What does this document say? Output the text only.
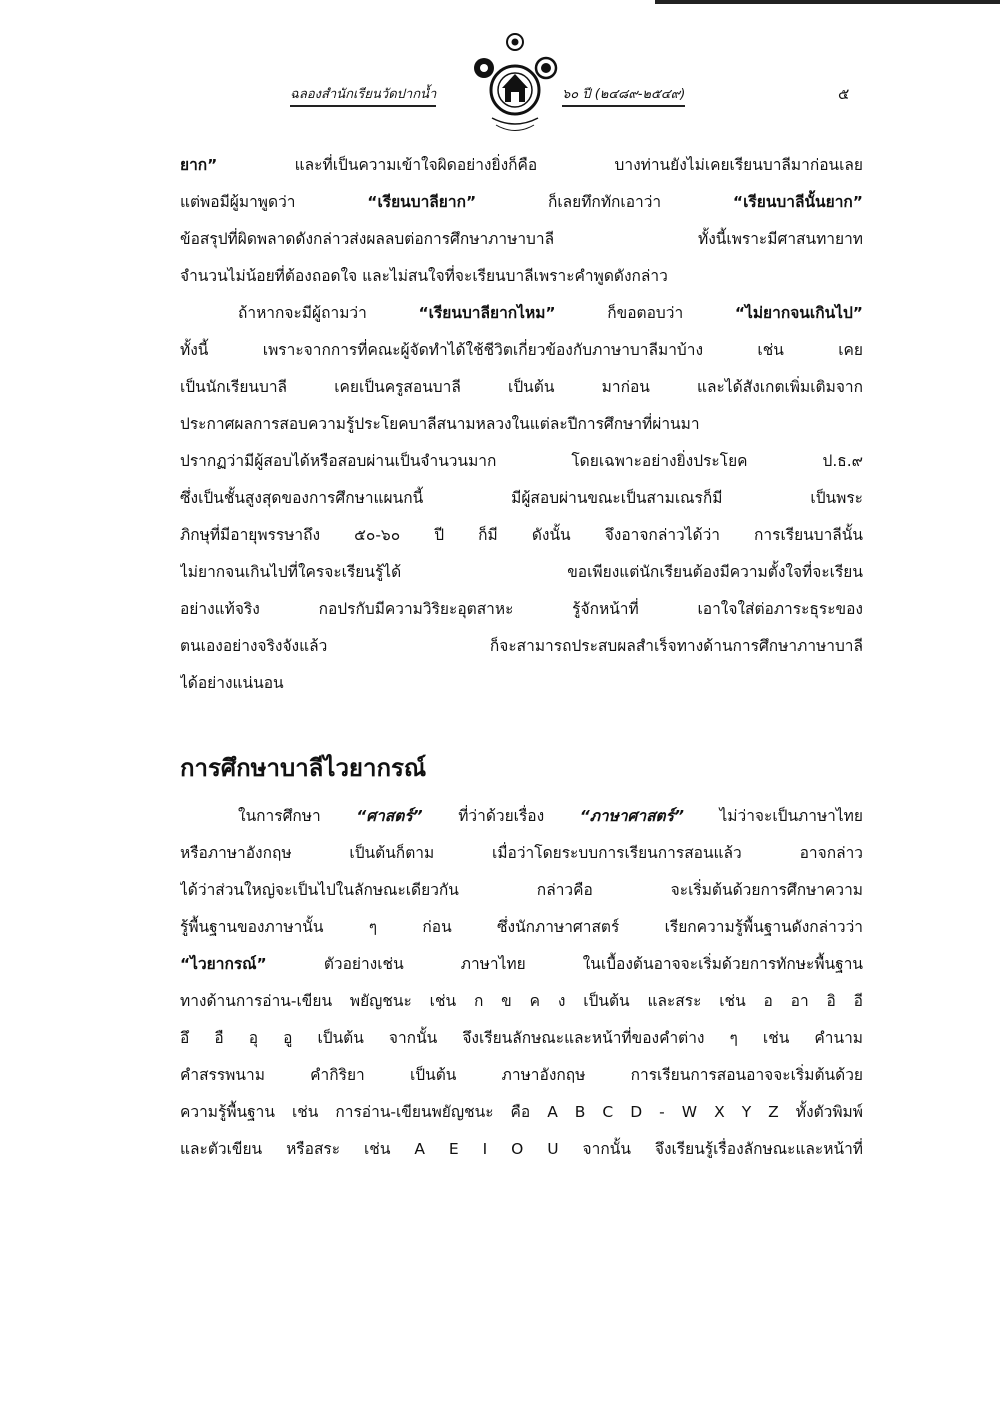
ฉลองสำนักเรียนวัดปากน้ำ	๖๐ ปี (๒๔๘๙-๒๕๔๙)	๕
ยาก” และที่เป็นความเข้าใจผิดอย่างยิ่งก็คือ บางท่านยังไม่เคยเรียนบาลีมาก่อนเลย
แต่พอมีผู้มาพูดว่า “เรียนบาลียาก” ก็เลยทึกทักเอาว่า “เรียนบาลีนั้นยาก”
ข้อสรุปที่ผิดพลาดดังกล่าวส่งผลลบต่อการศึกษาภาษาบาลี ทั้งนี้เพราะมีศาสนทายาท
จำนวนไม่น้อยที่ต้องถอดใจ และไม่สนใจที่จะเรียนบาลีเพราะคำพูดดังกล่าว
ถ้าหากจะมีผู้ถามว่า “เรียนบาลียากไหม” ก็ขอตอบว่า “ไม่ยากจนเกินไป”
ทั้งนี้ เพราะจากการที่คณะผู้จัดทำได้ใช้ชีวิตเกี่ยวข้องกับภาษาบาลีมาบ้าง เช่น เคย
เป็นนักเรียนบาลี เคยเป็นครูสอนบาลี เป็นต้น มาก่อน และได้สังเกตเพิ่มเติมจาก
ประกาศผลการสอบความรู้ประโยคบาลีสนามหลวงในแต่ละปีการศึกษาที่ผ่านมา
ปรากฏว่ามีผู้สอบได้หรือสอบผ่านเป็นจำนวนมาก โดยเฉพาะอย่างยิ่งประโยค ป.ธ.๙
ซึ่งเป็นชั้นสูงสุดของการศึกษาแผนกนี้ มีผู้สอบผ่านขณะเป็นสามเณรก็มี เป็นพระ
ภิกษุที่มีอายุพรรษาถึง ๕๐-๖๐ ปี ก็มี ดังนั้น จึงอาจกล่าวได้ว่า การเรียนบาลีนั้น
ไม่ยากจนเกินไปที่ใครจะเรียนรู้ได้ ขอเพียงแต่นักเรียนต้องมีความตั้งใจที่จะเรียน
อย่างแท้จริง กอปรกับมีความวิริยะอุตสาหะ รู้จักหน้าที่ เอาใจใส่ต่อภาระธุระของ
ตนเองอย่างจริงจังแล้ว ก็จะสามารถประสบผลสำเร็จทางด้านการศึกษาภาษาบาลี
ได้อย่างแน่นอน
การศึกษาบาลีไวยากรณ์
ในการศึกษา “ศาสตร์” ที่ว่าด้วยเรื่อง “ภาษาศาสตร์” ไม่ว่าจะเป็นภาษาไทย
หรือภาษาอังกฤษ เป็นต้นก็ตาม เมื่อว่าโดยระบบการเรียนการสอนแล้ว อาจกล่าว
ได้ว่าส่วนใหญ่จะเป็นไปในลักษณะเดียวกัน กล่าวคือ จะเริ่มต้นด้วยการศึกษาความ
รู้พื้นฐานของภาษานั้น ๆ ก่อน ซึ่งนักภาษาศาสตร์ เรียกความรู้พื้นฐานดังกล่าวว่า
“ไวยากรณ์” ตัวอย่างเช่น ภาษาไทย ในเบื้องต้นอาจจะเริ่มด้วยการทักษะพื้นฐาน
ทางด้านการอ่าน-เขียน พยัญชนะ เช่น ก ข ค ง เป็นต้น และสระ เช่น อ อา อิ อี
อึ อื อุ อู เป็นต้น จากนั้น จึงเรียนลักษณะและหน้าที่ของคำต่าง ๆ เช่น คำนาม
คำสรรพนาม คำกิริยา เป็นต้น ภาษาอังกฤษ การเรียนการสอนอาจจะเริ่มต้นด้วย
ความรู้พื้นฐาน เช่น การอ่าน-เขียนพยัญชนะ คือ A B C D - W X Y Z ทั้งตัวพิมพ์
และตัวเขียน หรือสระ เช่น A E I O U จากนั้น จึงเรียนรู้เรื่องลักษณะและหน้าที่
